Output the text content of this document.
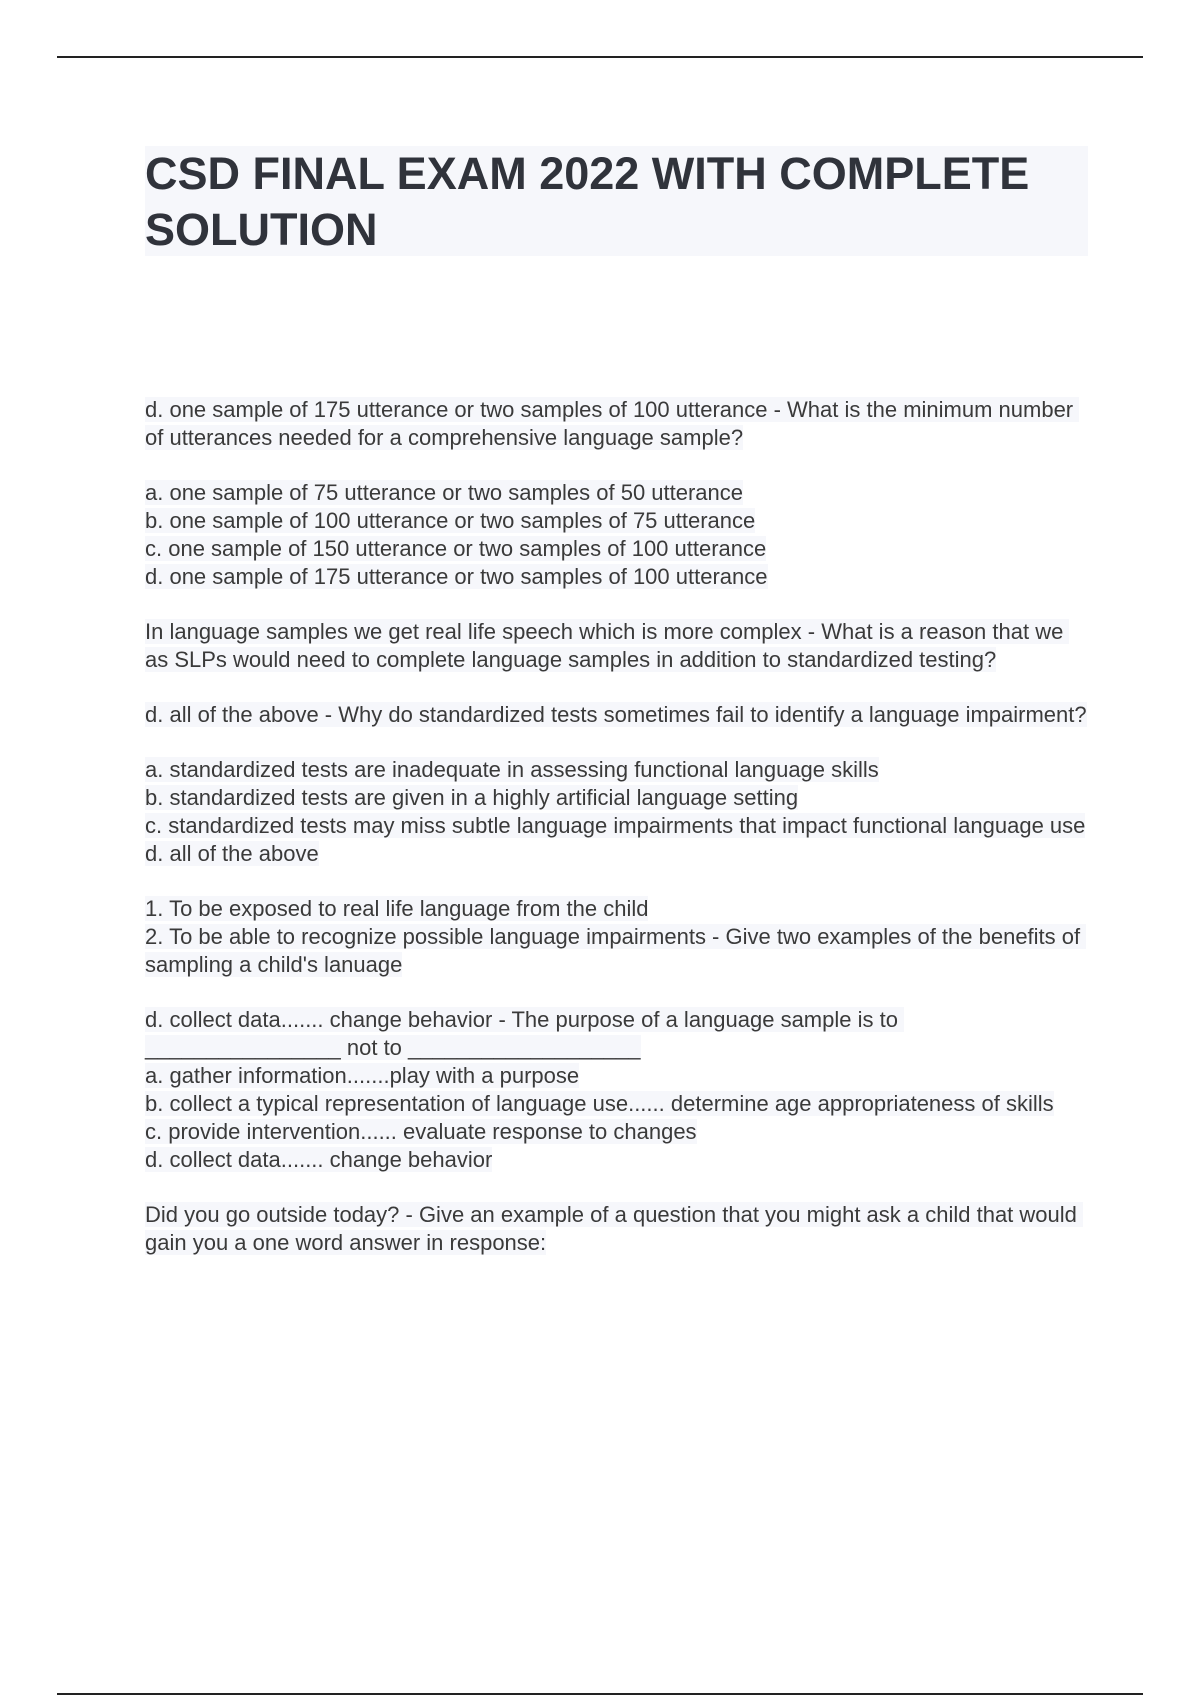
CSD FINAL EXAM 2022 WITH COMPLETE SOLUTION

d. one sample of 175 utterance or two samples of 100 utterance - What is the minimum number of utterances needed for a comprehensive language sample?

a. one sample of 75 utterance or two samples of 50 utterance
b. one sample of 100 utterance or two samples of 75 utterance
c. one sample of 150 utterance or two samples of 100 utterance
d. one sample of 175 utterance or two samples of 100 utterance

In language samples we get real life speech which is more complex - What is a reason that we as SLPs would need to complete language samples in addition to standardized testing?

d. all of the above - Why do standardized tests sometimes fail to identify a language impairment?

a. standardized tests are inadequate in assessing functional language skills
b. standardized tests are given in a highly artificial language setting
c. standardized tests may miss subtle language impairments that impact functional language use
d. all of the above

1. To be exposed to real life language from the child
2. To be able to recognize possible language impairments - Give two examples of the benefits of sampling a child's lanuage

d. collect data....... change behavior - The purpose of a language sample is to ________________ not to ___________________
a. gather information.......play with a purpose
b. collect a typical representation of language use...... determine age appropriateness of skills
c. provide intervention...... evaluate response to changes
d. collect data....... change behavior

Did you go outside today? - Give an example of a question that you might ask a child that would gain you a one word answer in response:
